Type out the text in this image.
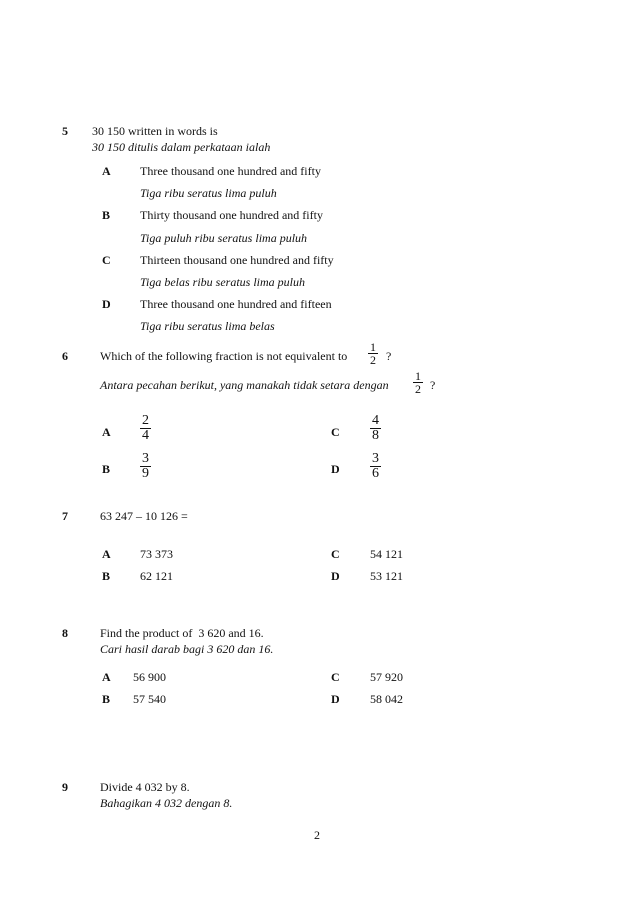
5 30 150 written in words is
30 150 ditulis dalam perkataan ialah
A Three thousand one hundred and fifty
Tiga ribu seratus lima puluh
B Thirty thousand one hundred and fifty
Tiga puluh ribu seratus lima puluh
C Thirteen thousand one hundred and fifty
Tiga belas ribu seratus lima puluh
D Three thousand one hundred and fifteen
Tiga ribu seratus lima belas
6	Which of the following fraction is not equivalent to $\frac{1}{2}$ ?
Antara pecahan berikut, yang manakah tidak setara dengan $\frac{1}{2}$ ?
A $\frac{2}{4}$
B $\frac{3}{9}$
C $\frac{4}{8}$
D $\frac{3}{6}$
7	63 247 – 10 126 =
A 73 373
B 62 121
C	54 121
D	53 121
8	Find the product of  3 620 and 16.
Cari hasil darab bagi 3 620 dan 16.
A 56 900
B 57 540
C	57 920
D	58 042
9	Divide 4 032 by 8.
Bahagikan 4 032 dengan 8.
2
